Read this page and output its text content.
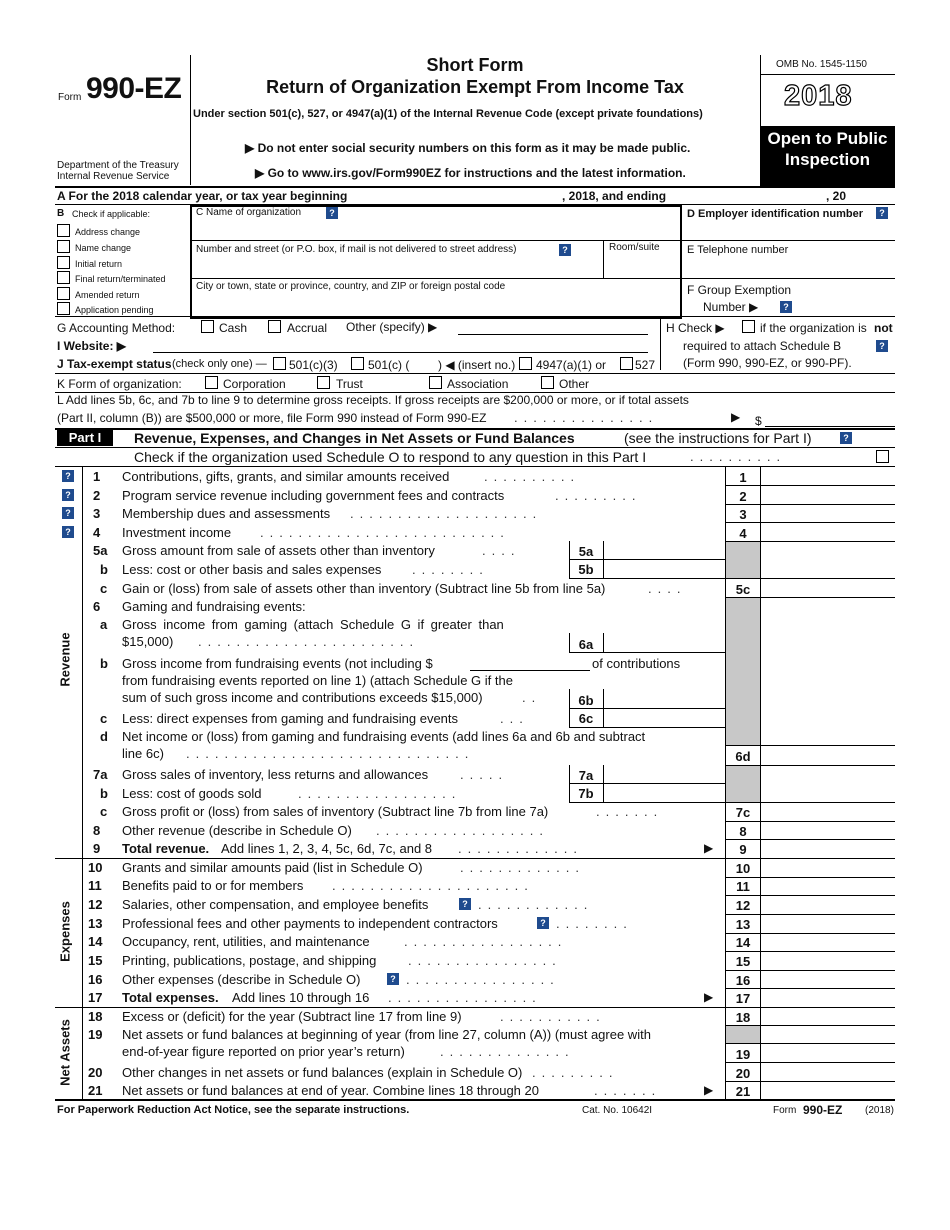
Form 990-EZ
Department of the Treasury
Internal Revenue Service
Short Form
Return of Organization Exempt From Income Tax
Under section 501(c), 527, or 4947(a)(1) of the Internal Revenue Code (except private foundations)
▶ Do not enter social security numbers on this form as it may be made public.
▶ Go to www.irs.gov/Form990EZ for instructions and the latest information.
OMB No. 1545-1150
2018
Open to Public Inspection
A For the 2018 calendar year, or tax year beginning	, 2018, and ending	, 20
B Check if applicable:
Address change
Name change
Initial return
Final return/terminated
Amended return
Application pending
C Name of organization	?
Number and street (or P.O. box, if mail is not delivered to street address)	?	Room/suite
City or town, state or province, country, and ZIP or foreign postal code
D Employer identification number	?
E Telephone number
F Group Exemption
Number ▶	?
G Accounting Method:	Cash	Accrual Other (specify) ▶	H Check ▶	if the organization is not
required to attach Schedule B	?
(Form 990, 990-EZ, or 990-PF).
I Website: ▶
J Tax-exempt status (check only one) — 501(c)(3)	501(c) ( ) ◀ (insert no.) 4947(a)(1) or 527
K Form of organization:	Corporation	Trust	Association	Other
L Add lines 5b, 6c, and 7b to line 9 to determine gross receipts. If gross receipts are $200,000 or more, or if total assets
(Part II, column (B)) are $500,000 or more, file Form 990 instead of Form 990-EZ ...............	▶ $
Part I	Revenue, Expenses, and Changes in Net Assets or Fund Balances	(see the instructions for Part I)	?
Check if the organization used Schedule O to respond to any question in this Part I	..........
Revenue
Expenses
Net Assets
?
?
?
?
1 Contributions, gifts, grants, and similar amounts received	..........	1
2 Program service revenue including government fees and contracts	.........	2
3 Membership dues and assessments ....................	3
4 Investment income ..........................	4
5a Gross amount from sale of assets other than inventory	....	5a
b Less: cost or other basis and sales expenses ........	5b
c Gain or (loss) from sale of assets other than inventory (Subtract line 5b from line 5a)	....	5c
6 Gaming and fundraising events:
a Gross income from gaming (attach Schedule G if greater than
$15,000) .......................	6a
b Gross income from fundraising events (not including $	of contributions
from fundraising events reported on line 1) (attach Schedule G if the
sum of such gross income and contributions exceeds $15,000)	..	6b
c Less: direct expenses from gaming and fundraising events	...	6c
d Net income or (loss) from gaming and fundraising events (add lines 6a and 6b and subtract
line 6c) ..............................	6d
7a Gross sales of inventory, less returns and allowances .....	7a
b Less: cost of goods sold	.................	7b
c Gross profit or (loss) from sales of inventory (Subtract line 7b from line 7a)	.......	7c
8 Other revenue (describe in Schedule O) ..................	8
9 Total revenue. Add lines 1, 2, 3, 4, 5c, 6d, 7c, and 8 .............	▶	9
10 Grants and similar amounts paid (list in Schedule O)	.............	10
11 Benefits paid to or for members .....................	11
12 Salaries, other compensation, and employee benefits	? ............	12
13 Professional fees and other payments to independent contractors	? ........	13
14 Occupancy, rent, utilities, and maintenance	.................	14
15 Printing, publications, postage, and shipping ................	15
16 Other expenses (describe in Schedule O)	? ................	16
17 Total expenses. Add lines 10 through 16 ................	▶	17
18 Excess or (deficit) for the year (Subtract line 17 from line 9)	...........	18
19 Net assets or fund balances at beginning of year (from line 27, column (A)) (must agree with
end-of-year figure reported on prior year’s return)	..............	19
20 Other changes in net assets or fund balances (explain in Schedule O) .........	20
21 Net assets or fund balances at end of year. Combine lines 18 through 20	.......	▶	21
For Paperwork Reduction Act Notice, see the separate instructions.	Cat. No. 10642I	Form 990-EZ (2018)
